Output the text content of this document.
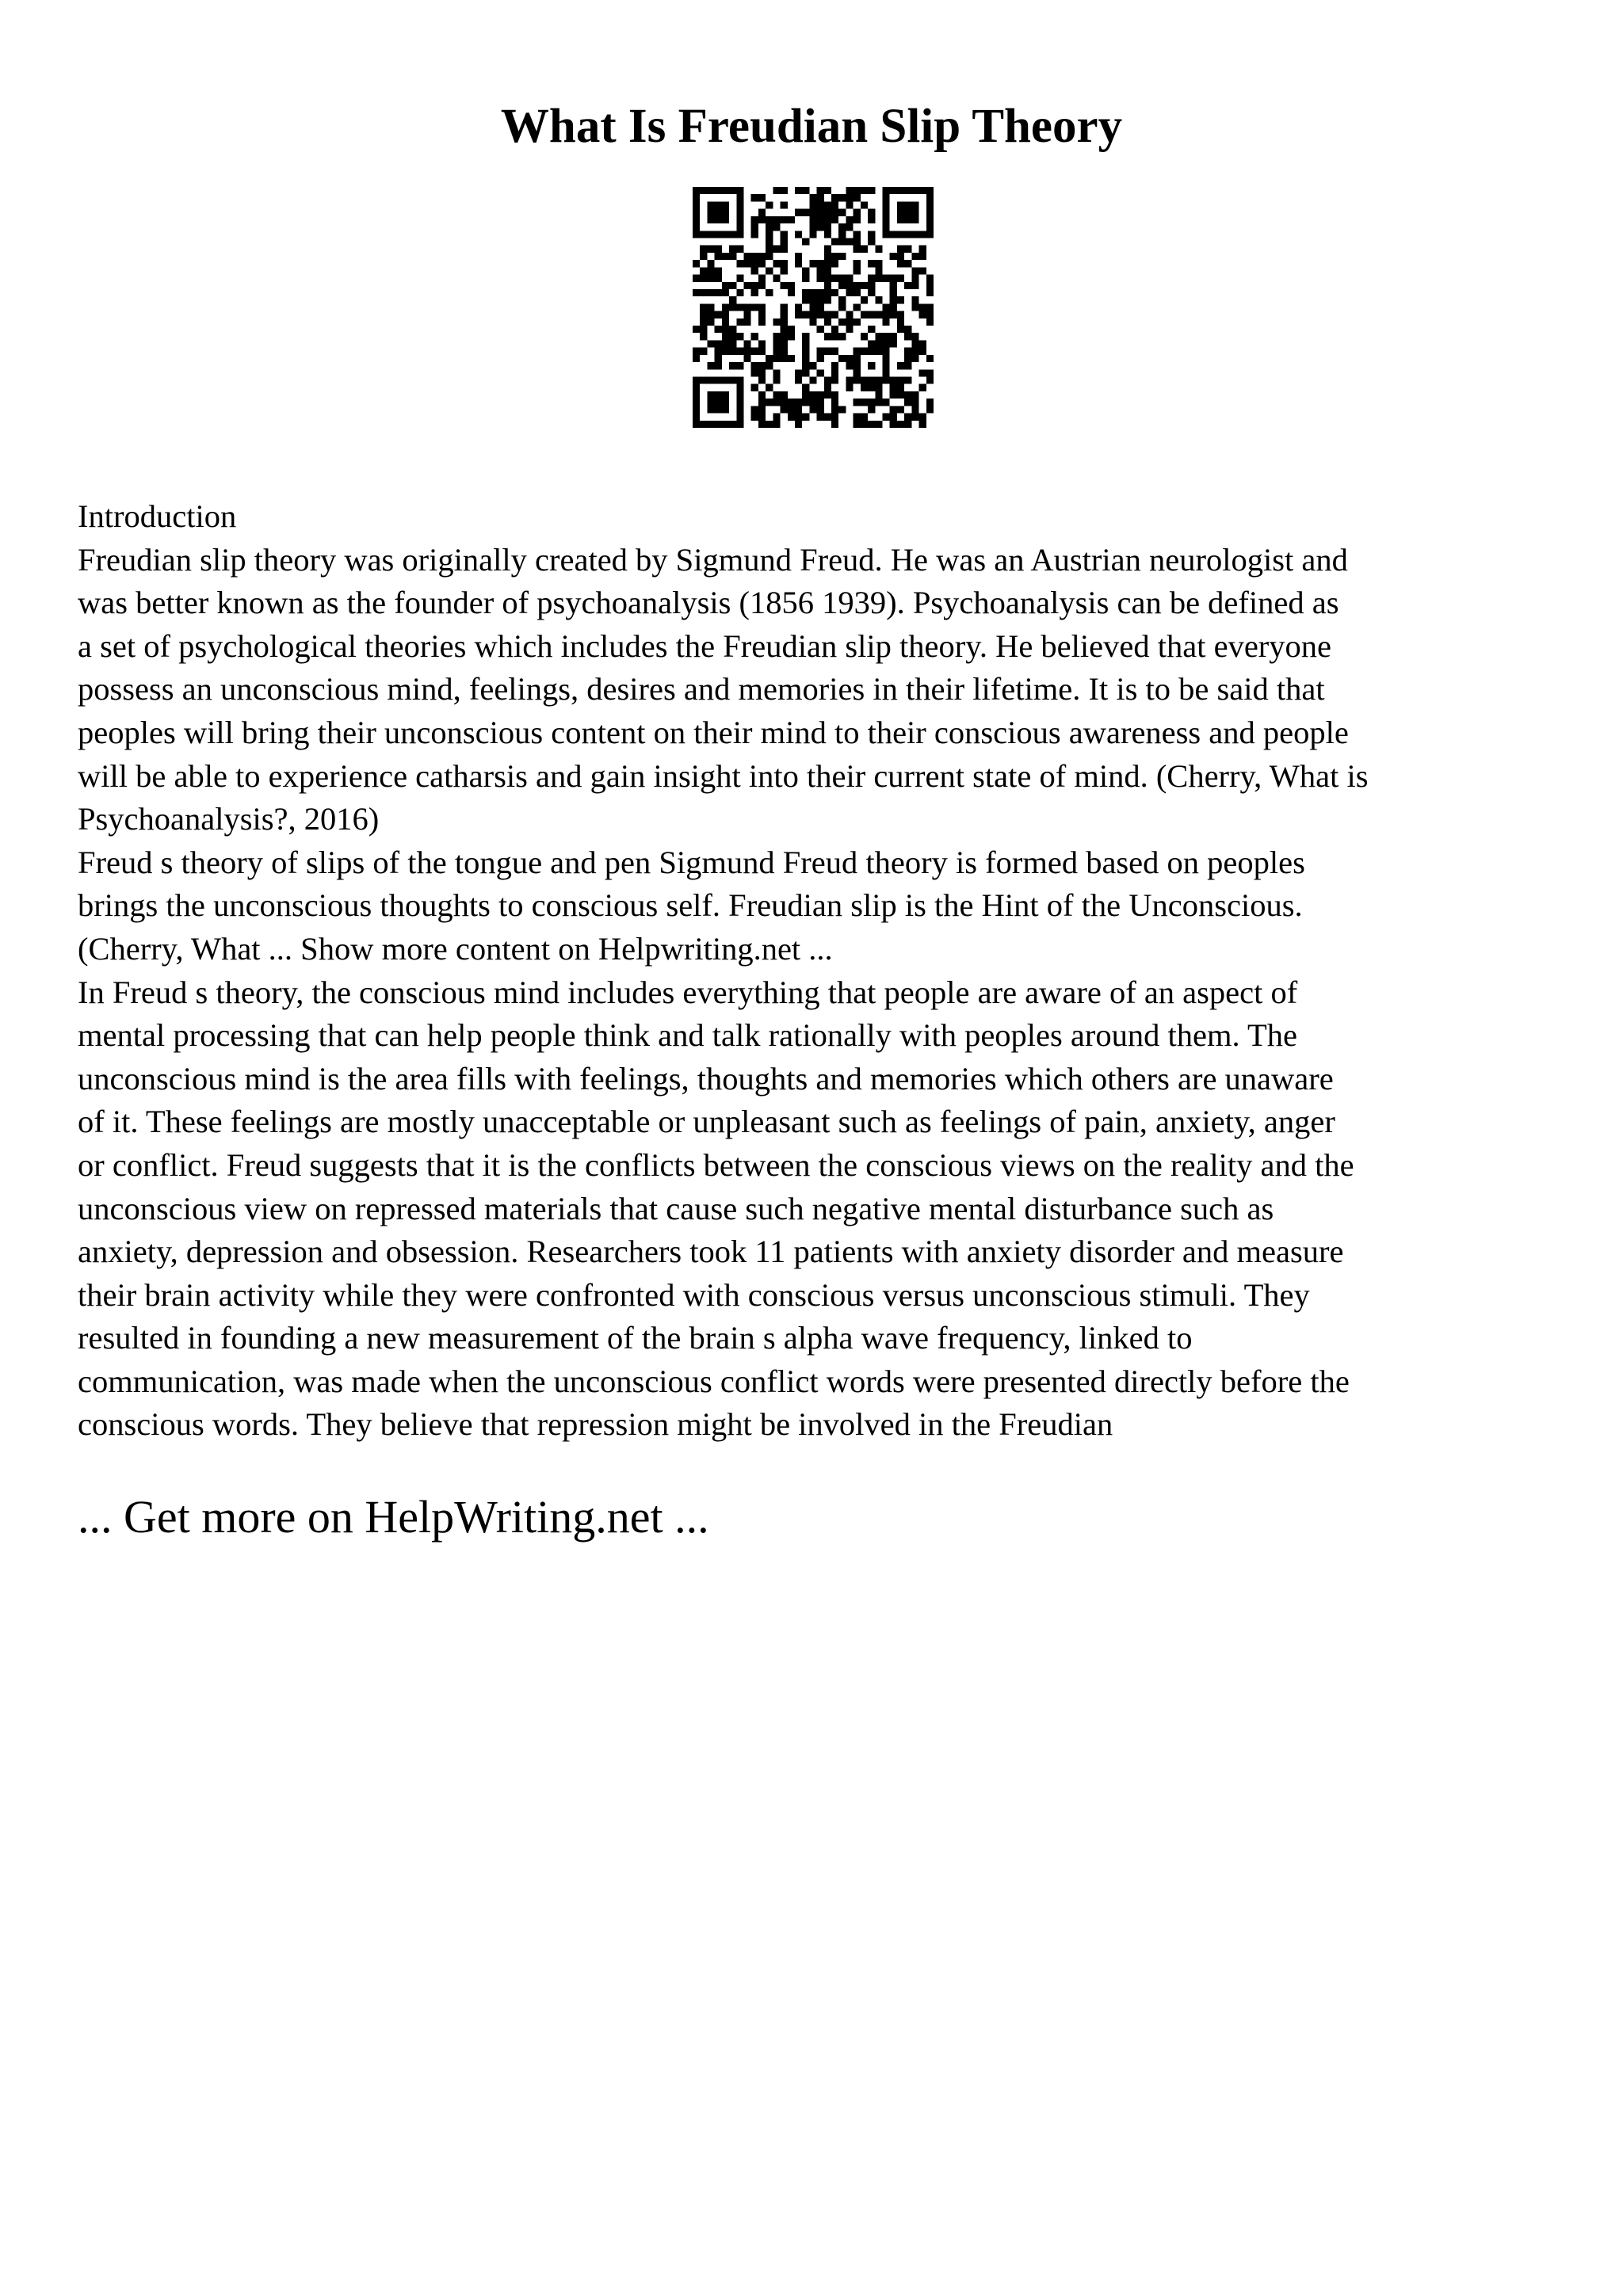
What Is Freudian Slip Theory
Introduction
Freudian slip theory was originally created by Sigmund Freud. He was an Austrian neurologist and
was better known as the founder of psychoanalysis (1856 1939). Psychoanalysis can be defined as
a set of psychological theories which includes the Freudian slip theory. He believed that everyone
possess an unconscious mind, feelings, desires and memories in their lifetime. It is to be said that
peoples will bring their unconscious content on their mind to their conscious awareness and people
will be able to experience catharsis and gain insight into their current state of mind. (Cherry, What is
Psychoanalysis?, 2016)
Freud s theory of slips of the tongue and pen Sigmund Freud theory is formed based on peoples
brings the unconscious thoughts to conscious self. Freudian slip is the Hint of the Unconscious.
(Cherry, What ... Show more content on Helpwriting.net ...
In Freud s theory, the conscious mind includes everything that people are aware of an aspect of
mental processing that can help people think and talk rationally with peoples around them. The
unconscious mind is the area fills with feelings, thoughts and memories which others are unaware
of it. These feelings are mostly unacceptable or unpleasant such as feelings of pain, anxiety, anger
or conflict. Freud suggests that it is the conflicts between the conscious views on the reality and the
unconscious view on repressed materials that cause such negative mental disturbance such as
anxiety, depression and obsession. Researchers took 11 patients with anxiety disorder and measure
their brain activity while they were confronted with conscious versus unconscious stimuli. They
resulted in founding a new measurement of the brain s alpha wave frequency, linked to
communication, was made when the unconscious conflict words were presented directly before the
conscious words. They believe that repression might be involved in the Freudian
... Get more on HelpWriting.net ...
